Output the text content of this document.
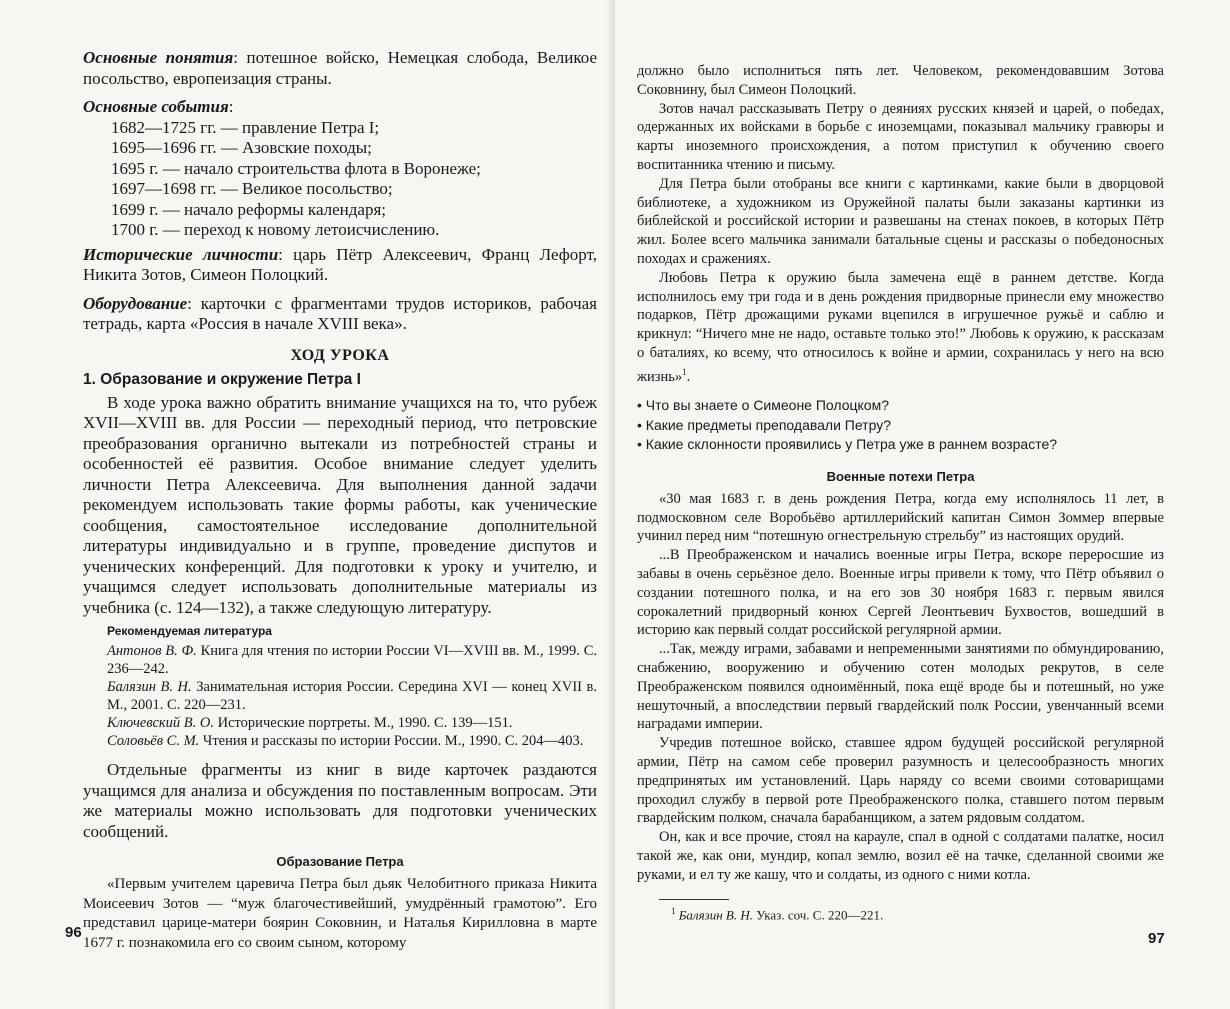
Основные понятия: потешное войско, Немецкая слобода, Великое посольство, европеизация страны.

Основные события:

1682—1725 гг. — правление Петра I;
1695—1696 гг. — Азовские походы;
1695 г. — начало строительства флота в Воронеже;
1697—1698 гг. — Великое посольство;
1699 г. — начало реформы календаря;
1700 г. — переход к новому летоисчислению.

Исторические личности: царь Пётр Алексеевич, Франц Лефорт, Никита Зотов, Симеон Полоцкий.

Оборудование: карточки с фрагментами трудов историков, рабочая тетрадь, карта «Россия в начале XVIII века».

ХОД УРОКА
1. Образование и окружение Петра I

В ходе урока важно обратить внимание учащихся на то, что рубеж XVII—XVIII вв. для России — переходный период, что петровские преобразования органично вытекали из потребностей страны и особенностей её развития. Особое внимание следует уделить личности Петра Алексеевича. Для выполнения данной задачи рекомендуем использовать такие формы работы, как ученические сообщения, самостоятельное исследование дополнительной литературы индивидуально и в группе, проведение диспутов и ученических конференций. Для подготовки к уроку и учителю, и учащимся следует использовать дополнительные материалы из учебника (с. 124—132), а также следующую литературу.

Рекомендуемая литература

Антонов В. Ф. Книга для чтения по истории России VI—XVIII вв. М., 1999. С. 236—242.

Балязин В. Н. Занимательная история России. Середина XVI — конец XVII в. М., 2001. С. 220—231.

Ключевский В. О. Исторические портреты. М., 1990. С. 139—151.

Соловьёв С. М. Чтения и рассказы по истории России. М., 1990. С. 204—403.

Отдельные фрагменты из книг в виде карточек раздаются учащимся для анализа и обсуждения по поставленным вопросам. Эти же материалы можно использовать для подготовки ученических сообщений.

Образование Петра

«Первым учителем царевича Петра был дьяк Челобитного приказа Никита Моисеевич Зотов — “муж благочестивейший, умудрённый грамотою”. Его представил царице-матери боярин Соковнин, и Наталья Кирилловна в марте 1677 г. познакомила его со своим сыном, которому

должно было исполниться пять лет. Человеком, рекомендовавшим Зотова Соковнину, был Симеон Полоцкий.

Зотов начал рассказывать Петру о деяниях русских князей и царей, о победах, одержанных их войсками в борьбе с иноземцами, показывал мальчику гравюры и карты иноземного происхождения, а потом приступил к обучению своего воспитанника чтению и письму.

Для Петра были отобраны все книги с картинками, какие были в дворцовой библиотеке, а художником из Оружейной палаты были заказаны картинки из библейской и российской истории и развешаны на стенах покоев, в которых Пётр жил. Более всего мальчика занимали батальные сцены и рассказы о победоносных походах и сражениях.

Любовь Петра к оружию была замечена ещё в раннем детстве. Когда исполнилось ему три года и в день рождения придворные принесли ему множество подарков, Пётр дрожащими руками вцепился в игрушечное ружьё и саблю и крикнул: “Ничего мне не надо, оставьте только это!” Любовь к оружию, к рассказам о баталиях, ко всему, что относилось к войне и армии, сохранилась у него на всю жизнь»$^1$.

• Что вы знаете о Симеоне Полоцком?
• Какие предметы преподавали Петру?
• Какие склонности проявились у Петра уже в раннем возрасте?
Военные потехи Петра

«30 мая 1683 г. в день рождения Петра, когда ему исполнялось 11 лет, в подмосковном селе Воробьёво артиллерийский капитан Симон Зоммер впервые учинил перед ним “потешную огнестрельную стрельбу” из настоящих орудий.

...В Преображенском и начались военные игры Петра, вскоре переросшие из забавы в очень серьёзное дело. Военные игры привели к тому, что Пётр объявил о создании потешного полка, и на его зов 30 ноября 1683 г. первым явился сорокалетний придворный конюх Сергей Леонтьевич Бухвостов, вошедший в историю как первый солдат российской регулярной армии.

...Так, между играми, забавами и непременными занятиями по обмундированию, снабжению, вооружению и обучению сотен молодых рекрутов, в селе Преображенском появился одноимённый, пока ещё вроде бы и потешный, но уже нешуточный, а впоследствии первый гвардейский полк России, увенчанный всеми наградами империи.

Учредив потешное войско, ставшее ядром будущей российской регулярной армии, Пётр на самом себе проверил разумность и целесообразность многих предпринятых им установлений. Царь наряду со всеми своими сотоварищами проходил службу в первой роте Преображенского полка, ставшего потом первым гвардейским полком, сначала барабанщиком, а затем рядовым солдатом.

Он, как и все прочие, стоял на карауле, спал в одной с солдатами палатке, носил такой же, как они, мундир, копал землю, возил её на тачке, сделанной своими же руками, и ел ту же кашу, что и солдаты, из одного с ними котла.

$^1$ Балязин В. Н. Указ. соч. С. 220—221.

96	97
